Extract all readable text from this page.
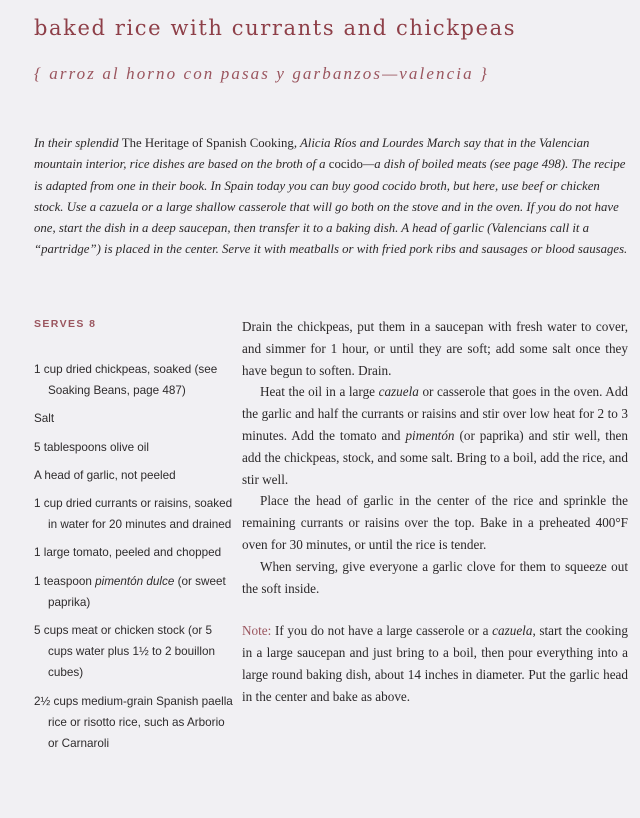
baked rice with currants and chickpeas
{ arroz al horno con pasas y garbanzos—valencia }

In their splendid The Heritage of Spanish Cooking, Alicia Ríos and Lourdes March say that in the Valencian mountain interior, rice dishes are based on the broth of a cocido—a dish of boiled meats (see page 498). The recipe is adapted from one in their book. In Spain today you can buy good cocido broth, but here, use beef or chicken stock. Use a cazuela or a large shallow casserole that will go both on the stove and in the oven. If you do not have one, start the dish in a deep saucepan, then transfer it to a baking dish. A head of garlic (Valencians call it a “partridge”) is placed in the center. Serve it with meatballs or with fried pork ribs and sausages or blood sausages.

SERVES 8
1 cup dried chickpeas, soaked (see Soaking Beans, page 487)
Salt
5 tablespoons olive oil
A head of garlic, not peeled
1 cup dried currants or raisins, soaked in water for 20 minutes and drained
1 large tomato, peeled and chopped
1 teaspoon pimentón dulce (or sweet paprika)
5 cups meat or chicken stock (or 5 cups water plus 1½ to 2 bouillon cubes)
2½ cups medium-grain Spanish paella rice or risotto rice, such as Arborio or Carnaroli

Drain the chickpeas, put them in a saucepan with fresh water to cover, and simmer for 1 hour, or until they are soft; add some salt once they have begun to soften. Drain.

Heat the oil in a large cazuela or casserole that goes in the oven. Add the garlic and half the currants or raisins and stir over low heat for 2 to 3 minutes. Add the tomato and pimentón (or paprika) and stir well, then add the chickpeas, stock, and some salt. Bring to a boil, add the rice, and stir well.

Place the head of garlic in the center of the rice and sprinkle the remaining currants or raisins over the top. Bake in a preheated 400°F oven for 30 minutes, or until the rice is tender.

When serving, give everyone a garlic clove for them to squeeze out the soft inside.

Note: If you do not have a large casserole or a cazuela, start the cooking in a large saucepan and just bring to a boil, then pour everything into a large round baking dish, about 14 inches in diameter. Put the garlic head in the center and bake as above.
